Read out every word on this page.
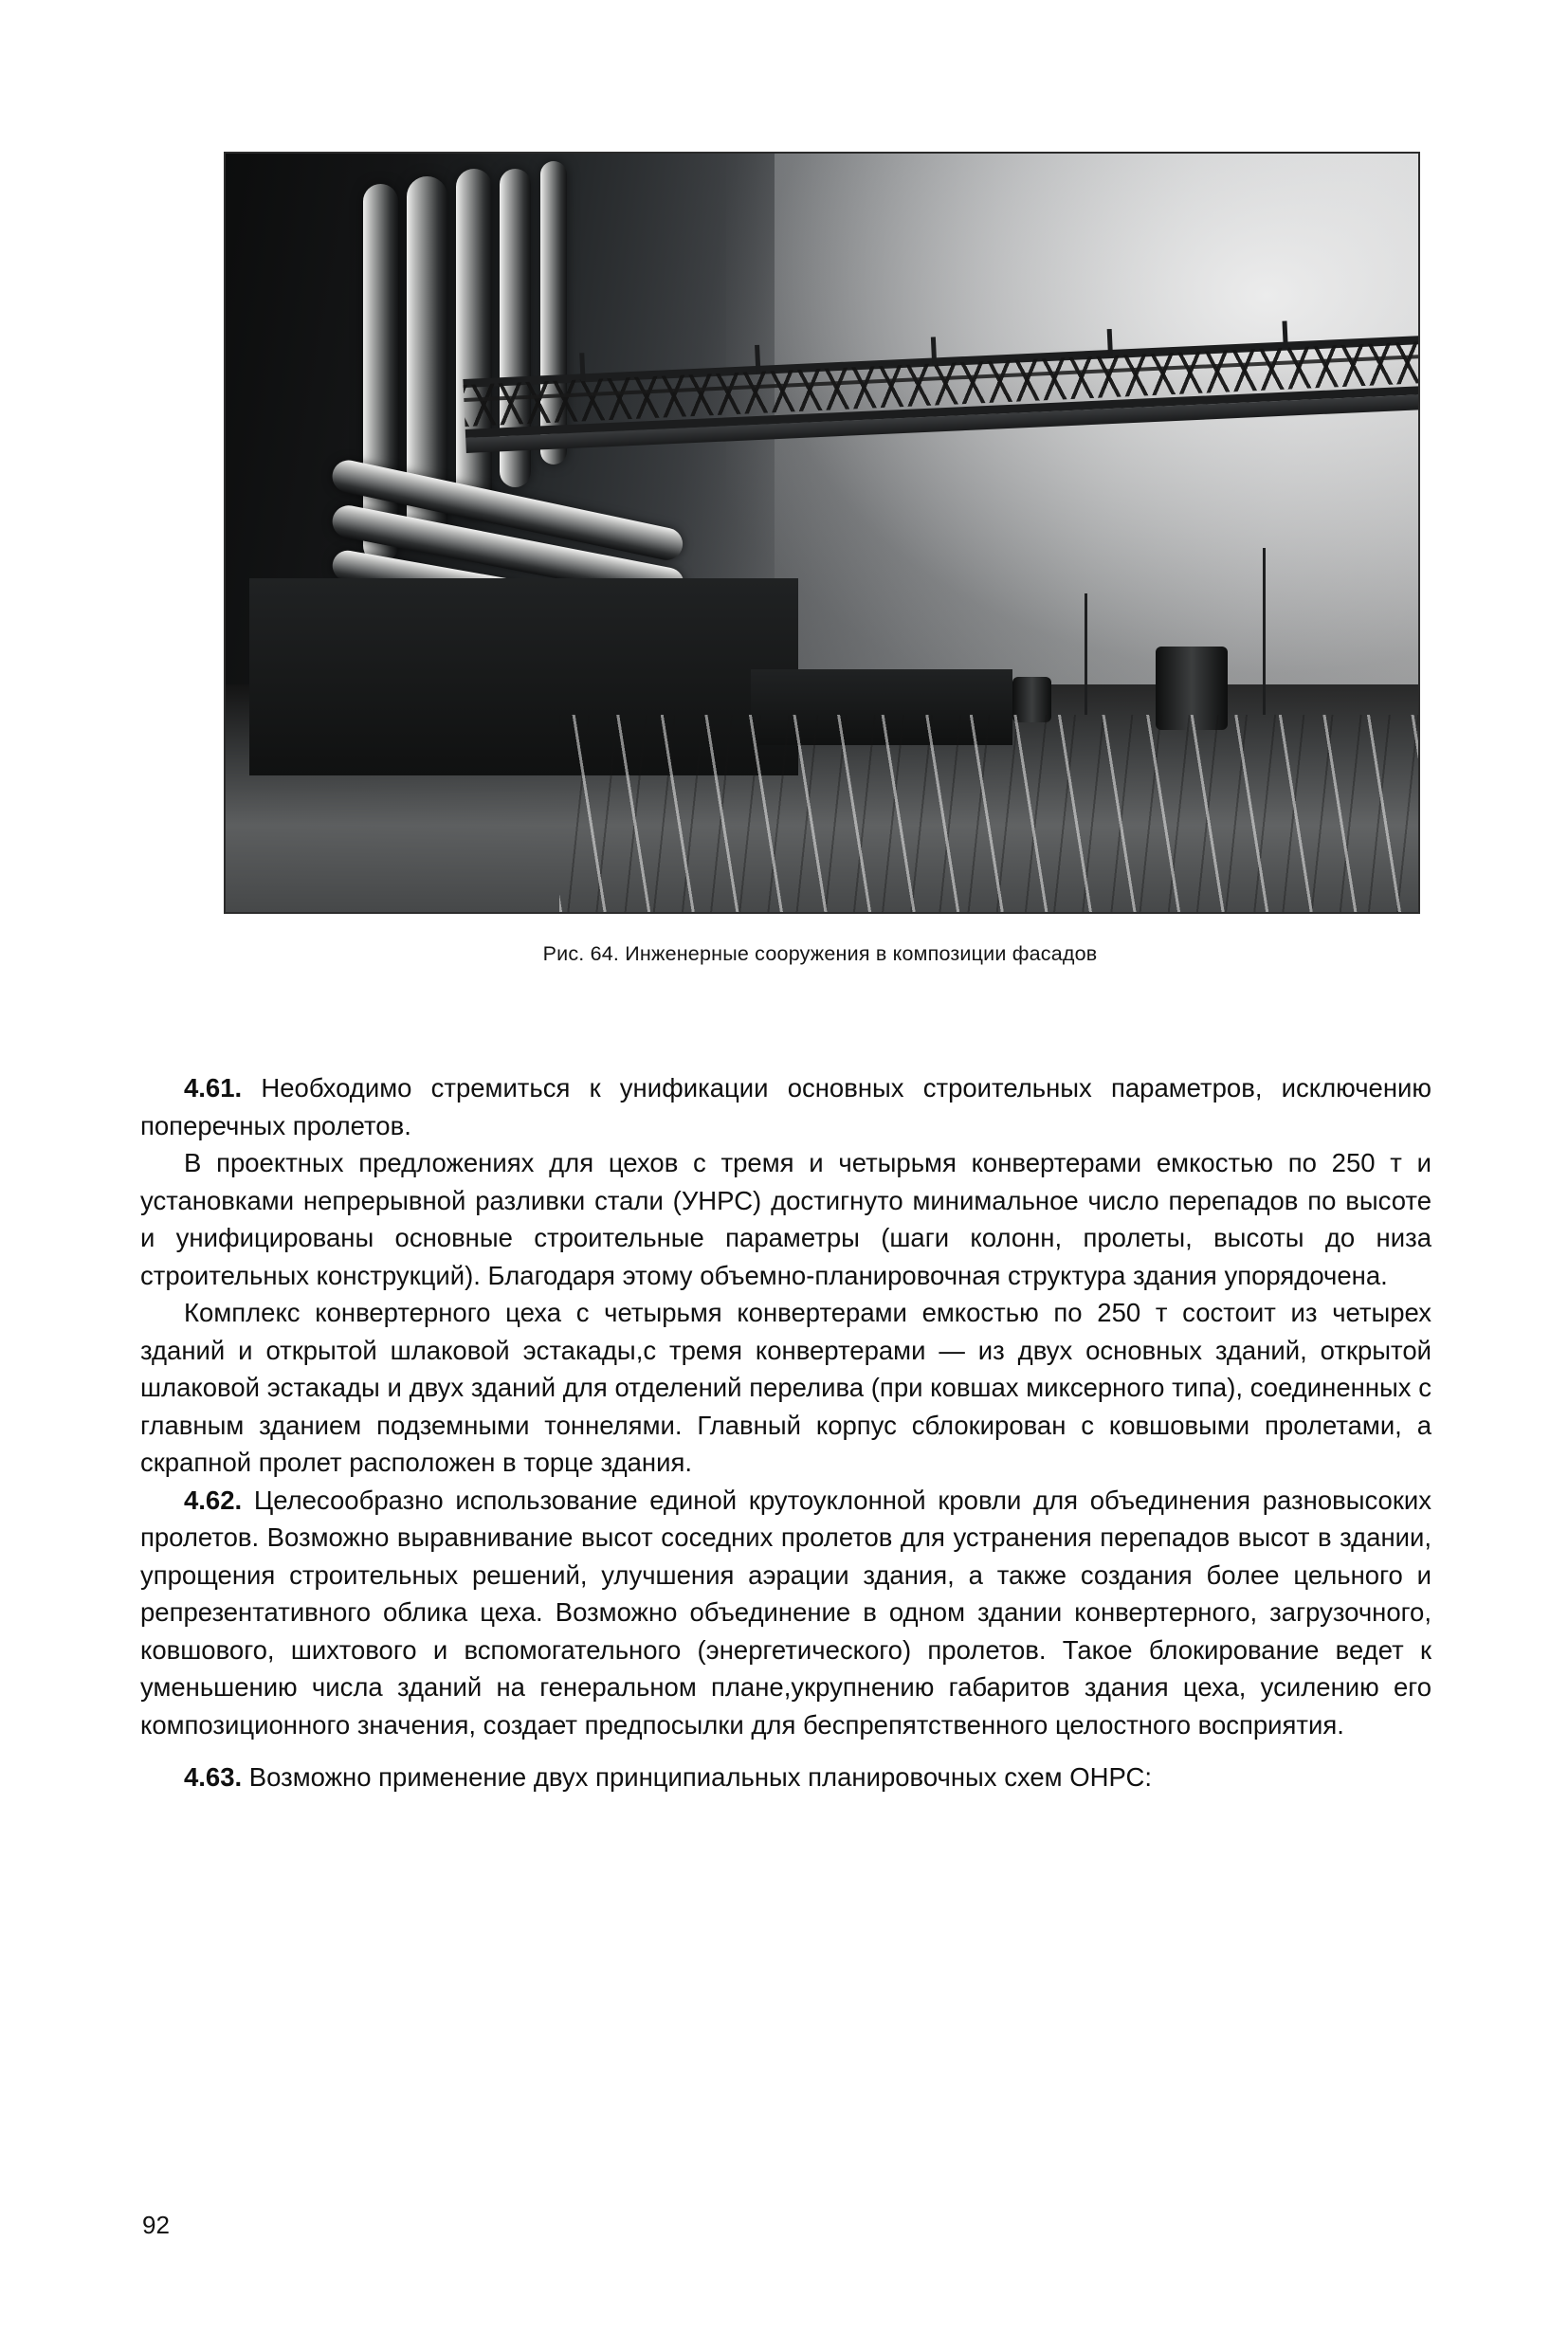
Рис. 64. Инженерные сооружения в композиции фасадов

4.61. Необходимо стремиться к унификации основных строительных параметров, исключению поперечных пролетов.

В проектных предложениях для цехов с тремя и четырьмя конвертерами емкостью по 250 т и установками непрерывной разливки стали (УНРС) достигнуто минимальное число перепадов по высоте и унифицированы основные строительные параметры (шаги колонн, пролеты, высоты до низа строительных конструкций). Благодаря этому объемно-планировочная структура здания упорядочена.

Комплекс конвертерного цеха с четырьмя конвертерами емкостью по 250 т состоит из четырех зданий и открытой шлаковой эстакады,с тремя конвертерами — из двух основных зданий, открытой шлаковой эстакады и двух зданий для отделений перелива (при ковшах миксерного типа), соединенных с главным зданием подземными тоннелями. Главный корпус сблокирован с ковшовыми пролетами, а скрапной пролет расположен в торце здания.

4.62. Целесообразно использование единой крутоуклонной кровли для объединения разновысоких пролетов. Возможно выравнивание высот соседних пролетов для устранения перепадов высот в здании, упрощения строительных решений, улучшения аэрации здания, а также создания более цельного и репрезентативного облика цеха. Возможно объединение в одном здании конвертерного, загрузочного, ковшового, шихтового и вспомогательного (энергетического) пролетов. Такое блокирование ведет к уменьшению числа зданий на генеральном плане,укрупнению габаритов здания цеха, усилению его композиционного значения, создает предпосылки для беспрепятственного целостного восприятия.

4.63. Возможно применение двух принципиальных планировочных схем ОНРС:

92
